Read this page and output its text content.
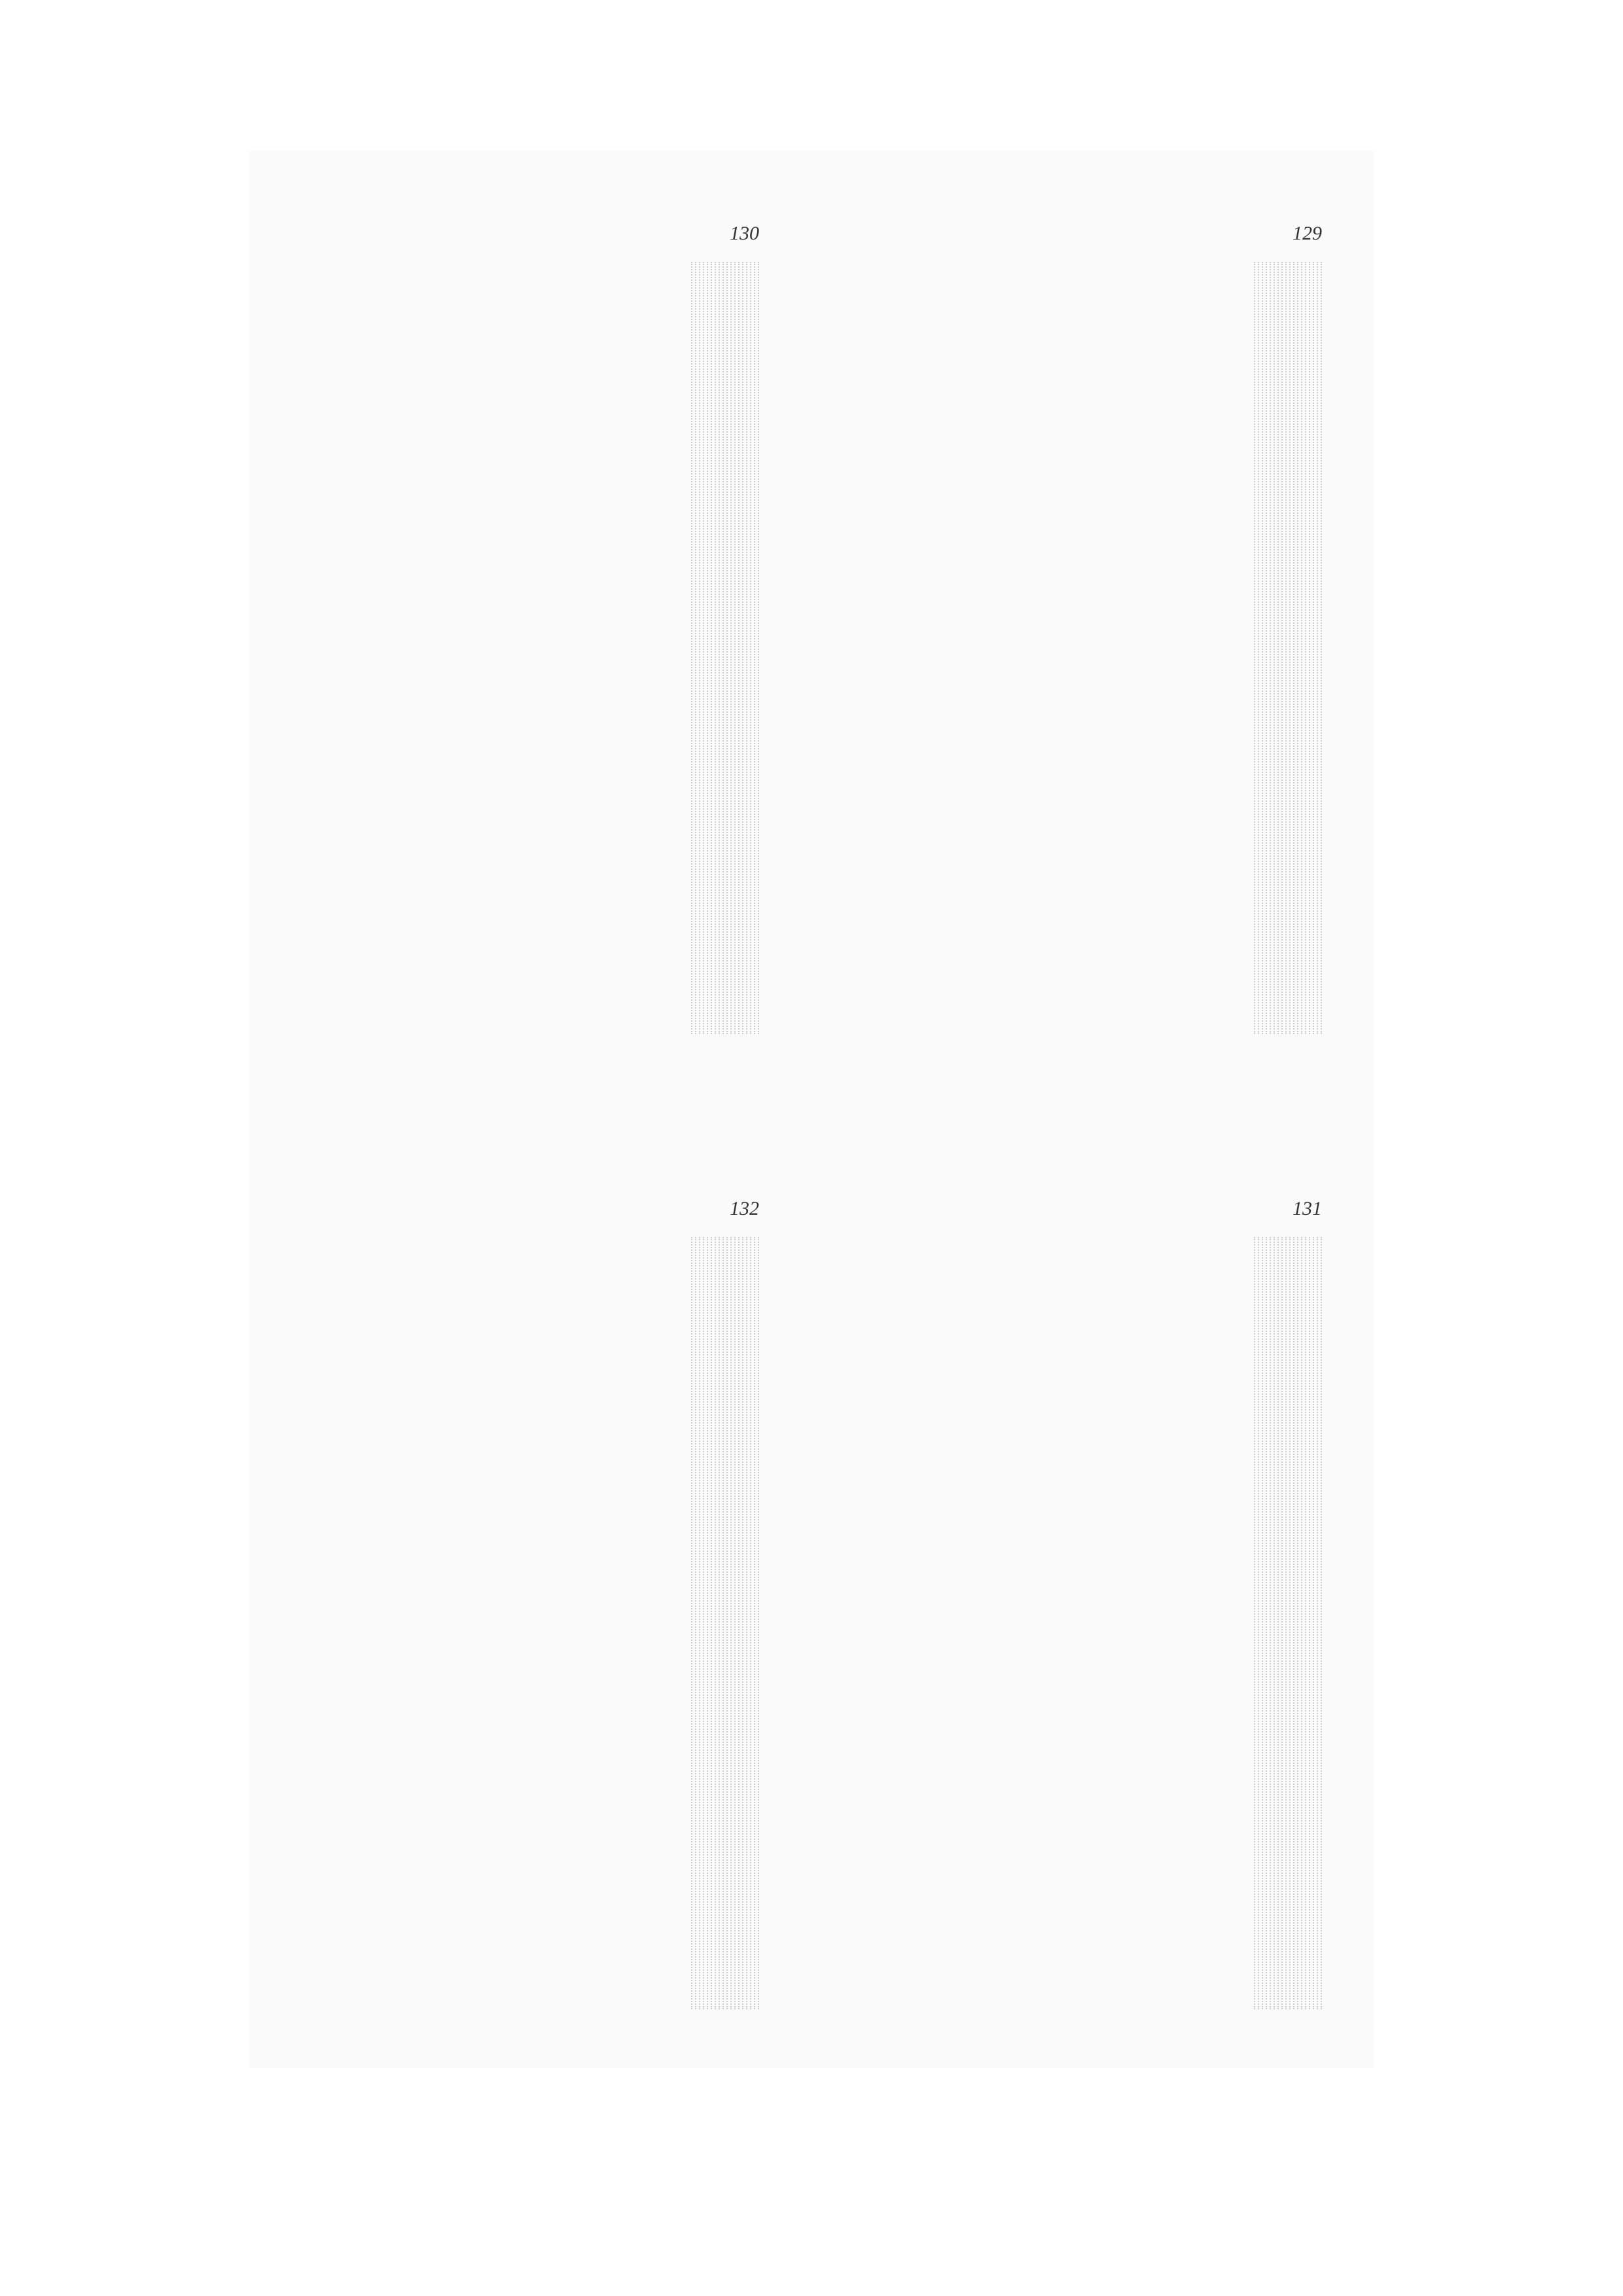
130	129
132	131
